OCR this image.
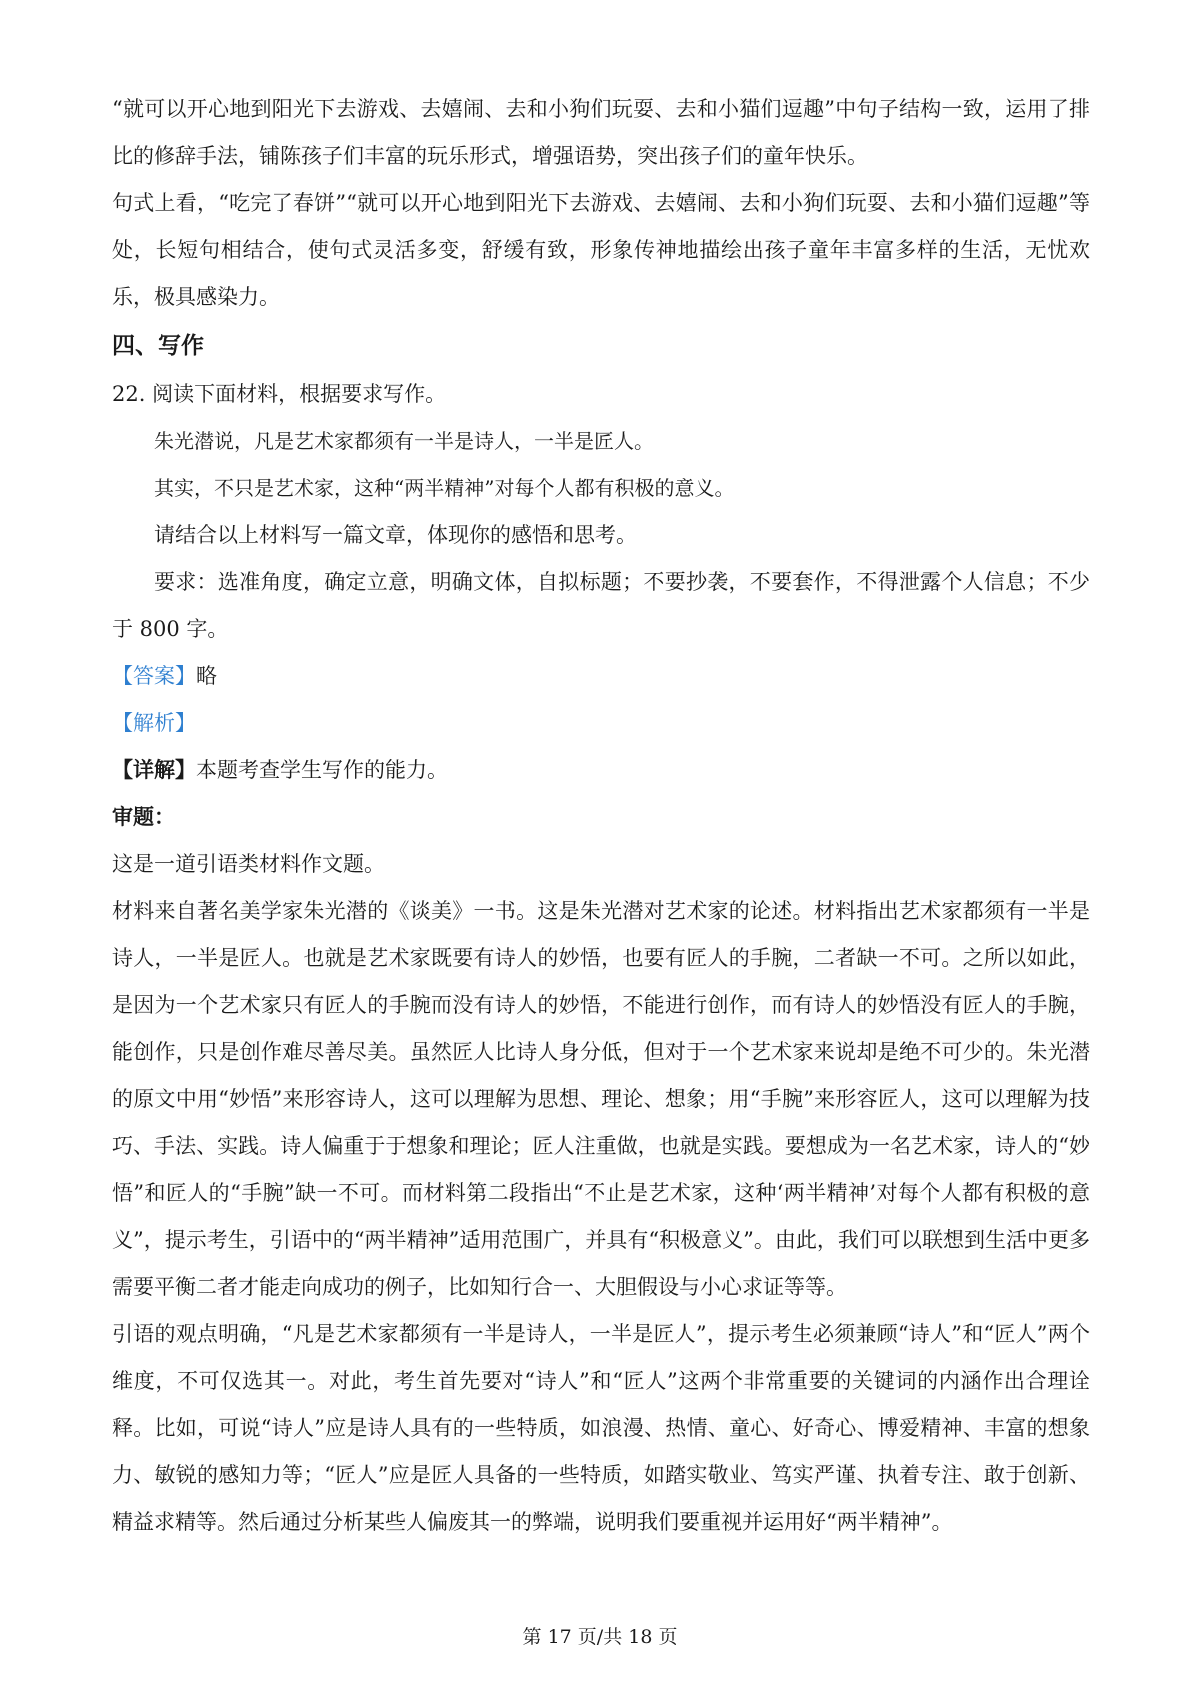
“就可以开心地到阳光下去游戏、去嬉闹、去和小狗们玩耍、去和小猫们逗趣”中句子结构一致，运用了排比的修辞手法，铺陈孩子们丰富的玩乐形式，增强语势，突出孩子们的童年快乐。

句式上看，“吃完了春饼”“就可以开心地到阳光下去游戏、去嬉闹、去和小狗们玩耍、去和小猫们逗趣”等处，长短句相结合，使句式灵活多变，舒缓有致，形象传神地描绘出孩子童年丰富多样的生活，无忧欢乐，极具感染力。

四、写作

22. 阅读下面材料，根据要求写作。

朱光潜说，凡是艺术家都须有一半是诗人，一半是匠人。

其实，不只是艺术家，这种“两半精神”对每个人都有积极的意义。

请结合以上材料写一篇文章，体现你的感悟和思考。

要求：选准角度，确定立意，明确文体，自拟标题；不要抄袭，不要套作，不得泄露个人信息；不少于 800 字。

【答案】略

【解析】

【详解】本题考查学生写作的能力。

审题：

这是一道引语类材料作文题。

材料来自著名美学家朱光潜的《谈美》一书。这是朱光潜对艺术家的论述。材料指出艺术家都须有一半是诗人，一半是匠人。也就是艺术家既要有诗人的妙悟，也要有匠人的手腕，二者缺一不可。之所以如此，是因为一个艺术家只有匠人的手腕而没有诗人的妙悟，不能进行创作，而有诗人的妙悟没有匠人的手腕，能创作，只是创作难尽善尽美。虽然匠人比诗人身分低，但对于一个艺术家来说却是绝不可少的。朱光潜的原文中用“妙悟”来形容诗人，这可以理解为思想、理论、想象；用“手腕”来形容匠人，这可以理解为技巧、手法、实践。诗人偏重于于想象和理论；匠人注重做，也就是实践。要想成为一名艺术家，诗人的“妙悟”和匠人的“手腕”缺一不可。而材料第二段指出“不止是艺术家，这种‘两半精神’对每个人都有积极的意义”，提示考生，引语中的“两半精神”适用范围广，并具有“积极意义”。由此，我们可以联想到生活中更多需要平衡二者才能走向成功的例子，比如知行合一、大胆假设与小心求证等等。

引语的观点明确，“凡是艺术家都须有一半是诗人，一半是匠人”，提示考生必须兼顾“诗人”和“匠人”两个维度，不可仅选其一。对此，考生首先要对“诗人”和“匠人”这两个非常重要的关键词的内涵作出合理诠释。比如，可说“诗人”应是诗人具有的一些特质，如浪漫、热情、童心、好奇心、博爱精神、丰富的想象力、敏锐的感知力等；“匠人”应是匠人具备的一些特质，如踏实敬业、笃实严谨、执着专注、敢于创新、精益求精等。然后通过分析某些人偏废其一的弊端，说明我们要重视并运用好“两半精神”。

第 17 页/共 18 页
